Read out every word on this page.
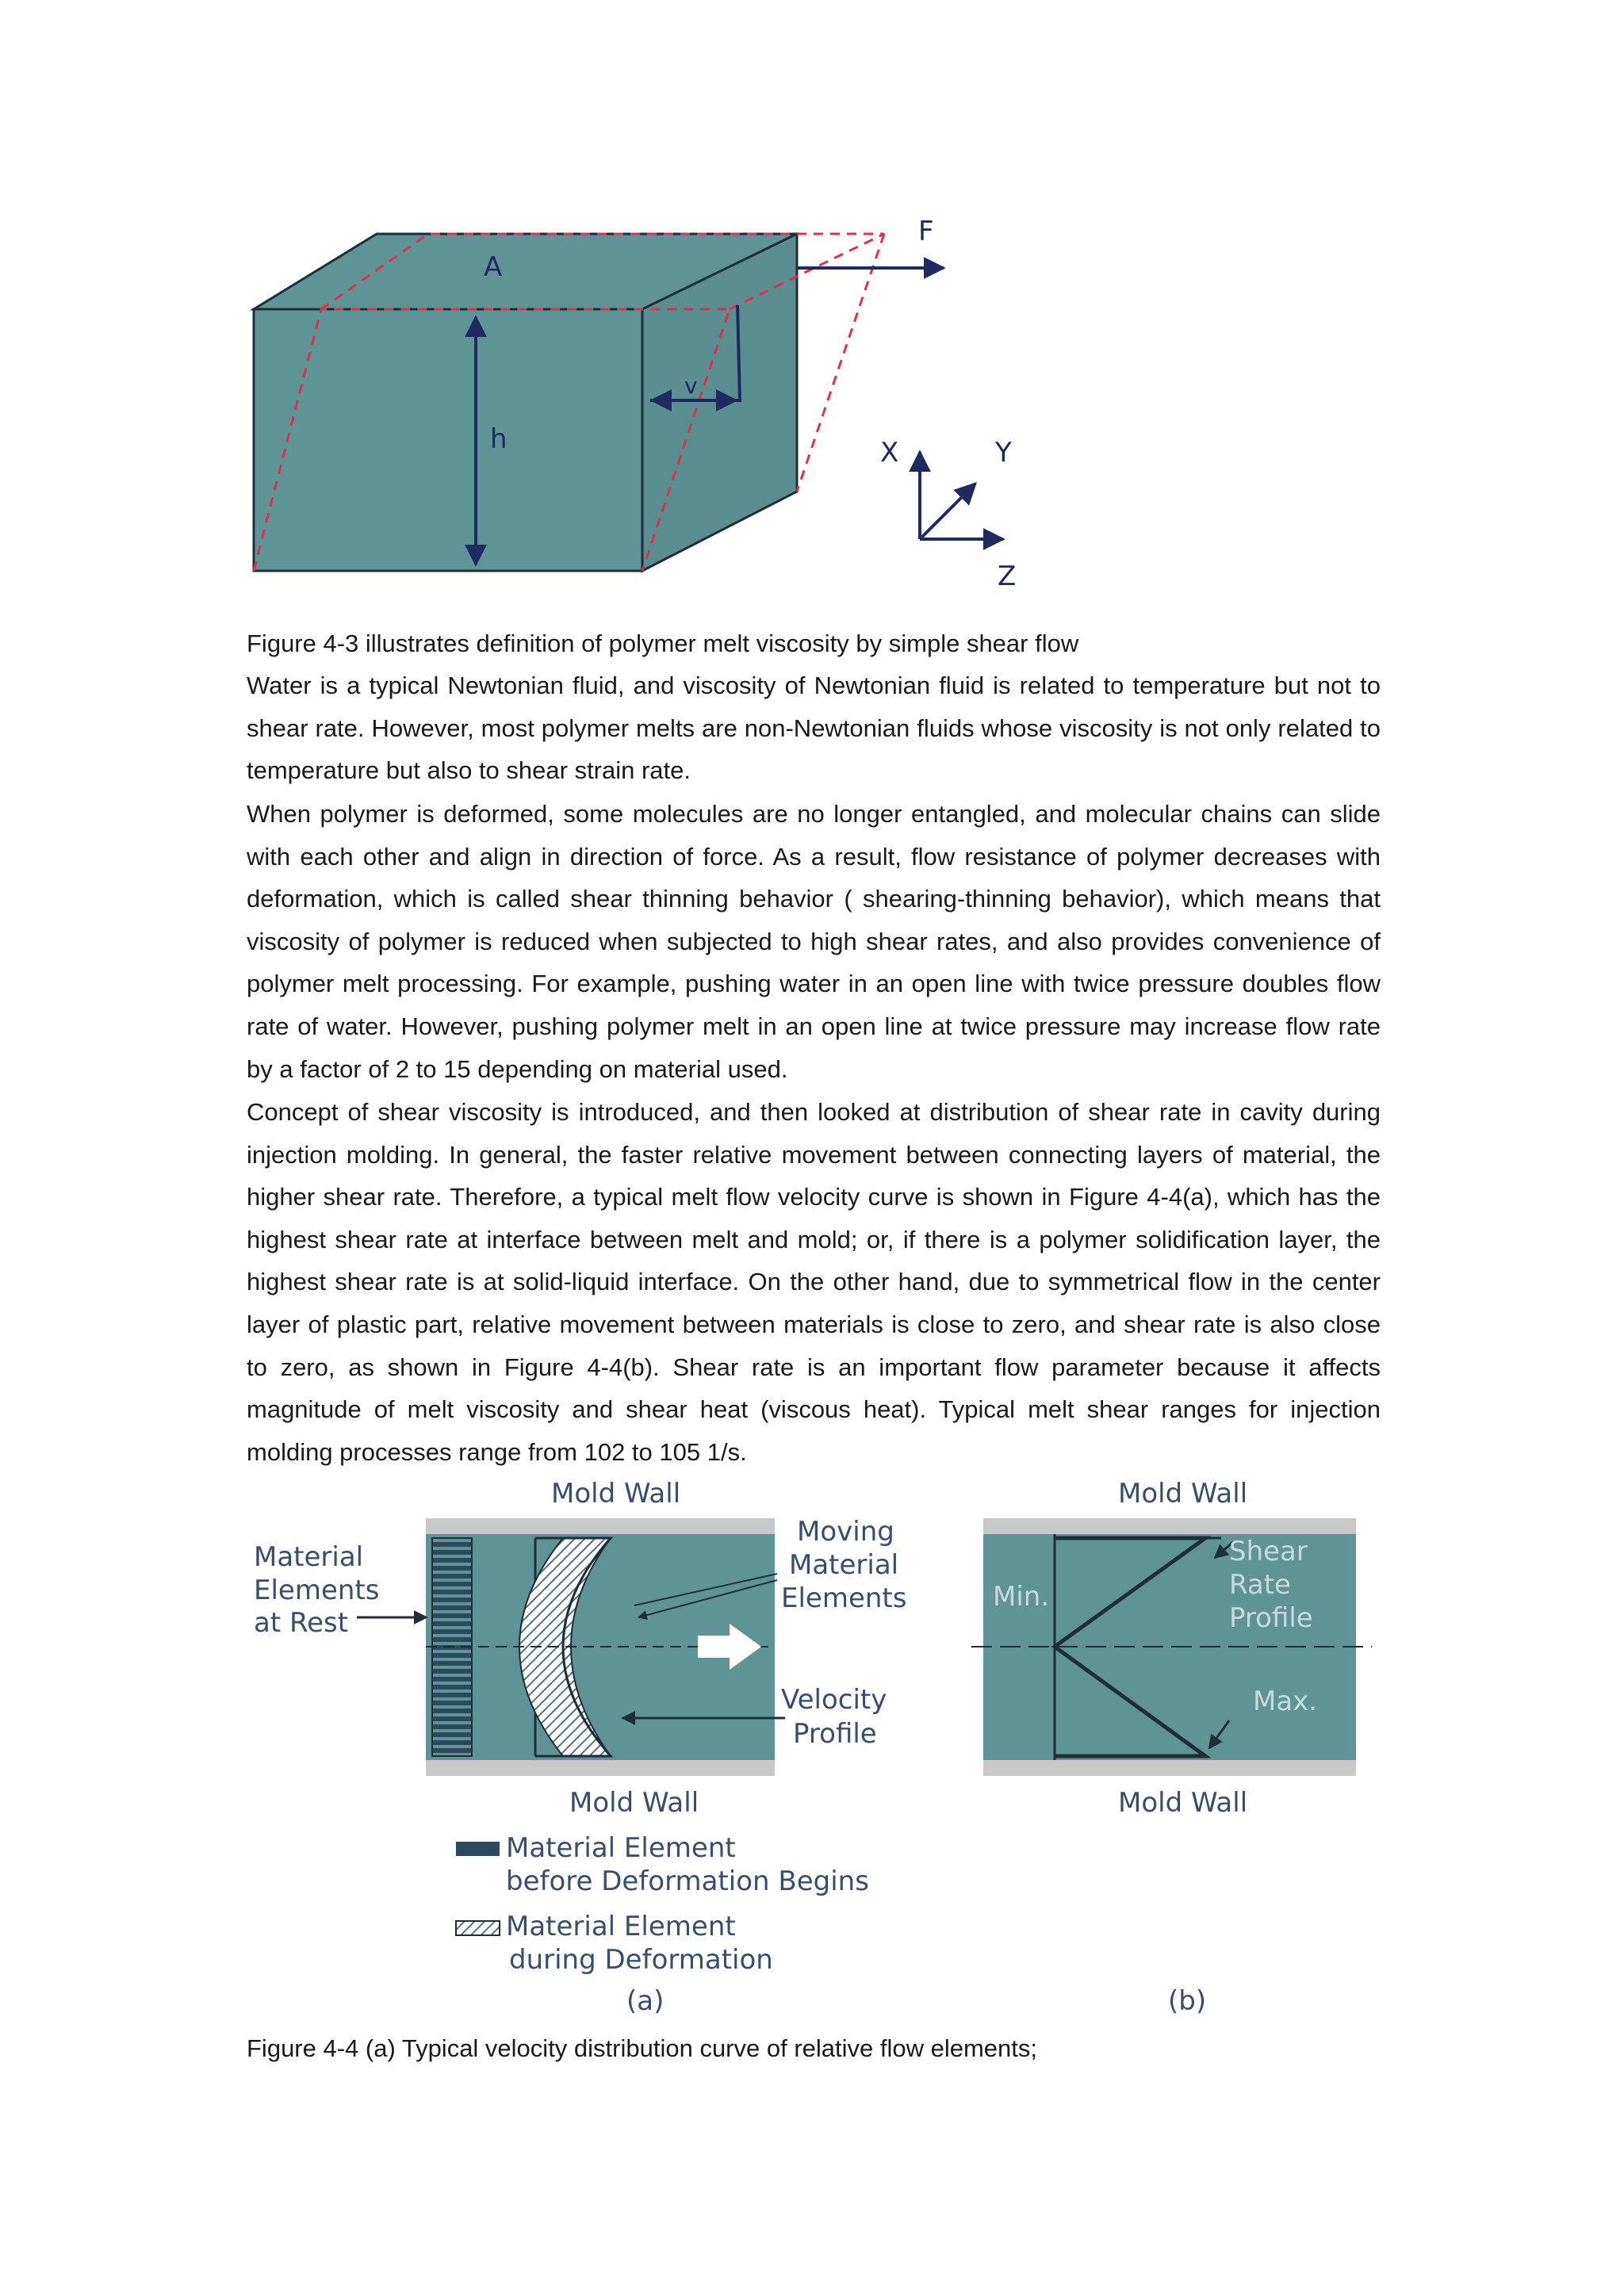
A
F
h
v
X	Y
Z

Figure 4-3 illustrates definition of polymer melt viscosity by simple shear flow

Water is a typical Newtonian fluid, and viscosity of Newtonian fluid is related to temperature but not to shear rate. However, most polymer melts are non-Newtonian fluids whose viscosity is not only related to temperature but also to shear strain rate.

When polymer is deformed, some molecules are no longer entangled, and molecular chains can slide with each other and align in direction of force. As a result, flow resistance of polymer decreases with deformation, which is called shear thinning behavior ( shearing-thinning behavior), which means that viscosity of polymer is reduced when subjected to high shear rates, and also provides convenience of polymer melt processing. For example, pushing water in an open line with twice pressure doubles flow rate of water. However, pushing polymer melt in an open line at twice pressure may increase flow rate by a factor of 2 to 15 depending on material used.

Concept of shear viscosity is introduced, and then looked at distribution of shear rate in cavity during injection molding. In general, the faster relative movement between connecting layers of material, the higher shear rate. Therefore, a typical melt flow velocity curve is shown in Figure 4-4(a), which has the highest shear rate at interface between melt and mold; or, if there is a polymer solidification layer, the highest shear rate is at solid-liquid interface. On the other hand, due to symmetrical flow in the center layer of plastic part, relative movement between materials is close to zero, and shear rate is also close to zero, as shown in Figure 4-4(b). Shear rate is an important flow parameter because it affects magnitude of melt viscosity and shear heat (viscous heat). Typical melt shear ranges for injection molding processes range from 102 to 105 1/s.

Mold Wall
Mold Wall
Material
Elements
at Rest
Moving
Material
Elements
Velocity
Profile
Material Element
before Deformation Begins
Material Element
during Deformation
(a)
Mold Wall
Mold Wall
Min.
Shear
Rate
Profile
Max.
(b)

Figure 4-4 (a) Typical velocity distribution curve of relative flow elements;
